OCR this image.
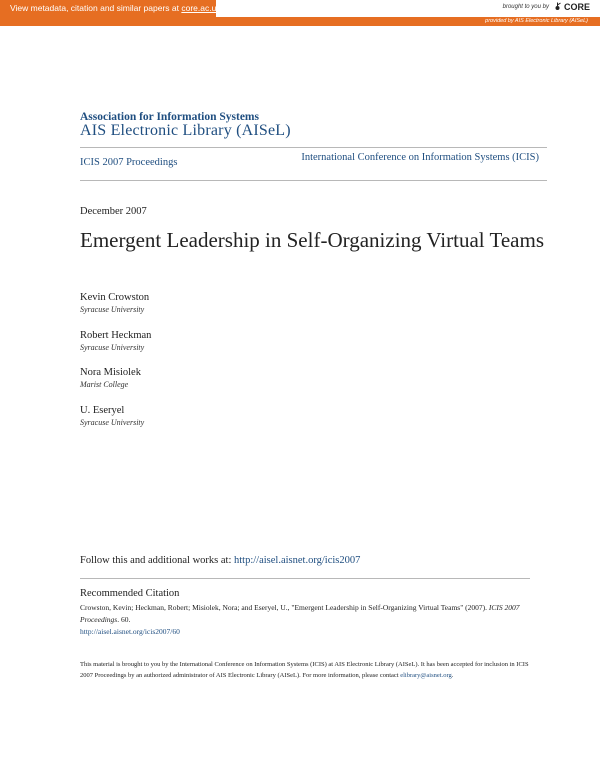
View metadata, citation and similar papers at core.ac.uk	brought to you by CORE
provided by AIS Electronic Library (AISeL)
Association for Information Systems
AIS Electronic Library (AISeL)
ICIS 2007 Proceedings	International Conference on Information Systems (ICIS)
December 2007
Emergent Leadership in Self-Organizing Virtual Teams
Kevin Crowston
Syracuse University
Robert Heckman
Syracuse University
Nora Misiolek
Marist College
U. Eseryel
Syracuse University
Follow this and additional works at: http://aisel.aisnet.org/icis2007
Recommended Citation
Crowston, Kevin; Heckman, Robert; Misiolek, Nora; and Eseryel, U., "Emergent Leadership in Self-Organizing Virtual Teams" (2007). ICIS 2007 Proceedings. 60.
http://aisel.aisnet.org/icis2007/60
This material is brought to you by the International Conference on Information Systems (ICIS) at AIS Electronic Library (AISeL). It has been accepted for inclusion in ICIS 2007 Proceedings by an authorized administrator of AIS Electronic Library (AISeL). For more information, please contact elibrary@aisnet.org.
